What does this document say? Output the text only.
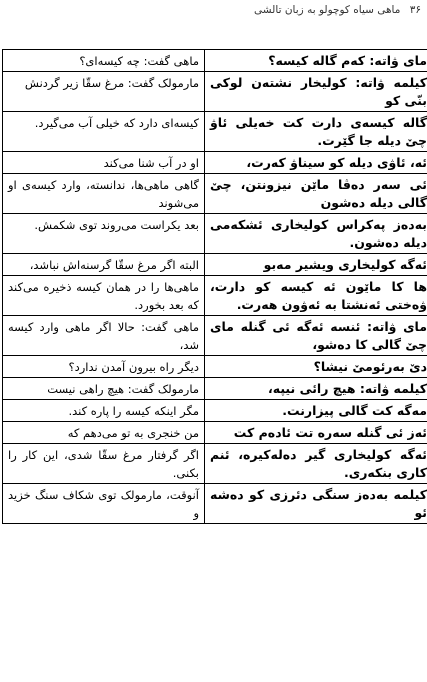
۳۶ ماهی سیاه کوچولو به زبان تالشی
ماهی گفت: چه کیسه‌ای؟	مای ۋاتە: کەم گالە کیسە؟
مارمولک گفت: مرغ سقّا زیر گردنش	کیلمە ۋاتە: کولیخار نشتەن لوکی بنّی کو
کیسه‌ای دارد که خیلی آب می‌گیرد.	گالە کیسەی دارت کت خەیلی ئاۋ چێ دیلە جا گێرت.
او در آب شنا می‌کند	ئە، ئاۋی دیلە کو سیناۋ کەرت،
گاهی ماهی‌ها، ندانسته، وارد کیسه‌ی او می‌شوند	ئی سەر دەڤا ماێن نیزونتن، چێ گالی دیلە دەشون
بعد یکراست می‌روند توی شکمش.	بەدەز پەکراس کولیخاری ئشکەمی دیلە دەشون.
البته اگر مرغ سقّا گرسنه‌اش نباشد،	ئەگە کولیخاری ویشیر مەبو
ماهی‌ها را در همان کیسه ذخیره می‌کند که بعد بخورد.	ها کا ماێون ئە کیسە کو دارت، ۋەختی ئەنشتا بە ئەۋون هەرت.
ماهی گفت: حالا اگر ماهی وارد کیسه شد،	مای ۋاتە: ئنسە ئەگە ئی گنلە مای چێ گالی کا دەشو،
دیگر راه بیرون آمدن ندارد؟	دێ بەرئومێ نیشا؟
مارمولک گفت: هیچ راهی نیست	کیلمە ۋاتە: هیچ رائی نیپە،
مگر اینکه کیسه را پاره کند.	مەگە کت گالی پیزارنت.
من خنجری به تو می‌دهم که	ئەز ئی گنلە سەرە تت ئادەم کت
اگر گرفتار مرغ سقّا شدی، این کار را بکنی.	ئەگە کولیخاری گیر دەلەکیرە، ئنم کاری بنکەری.
آنوقت، مارمولک توی شکاف سنگ خزید و	کیلمە بەدەز سنگی دئرزی کو دەشە ئو
